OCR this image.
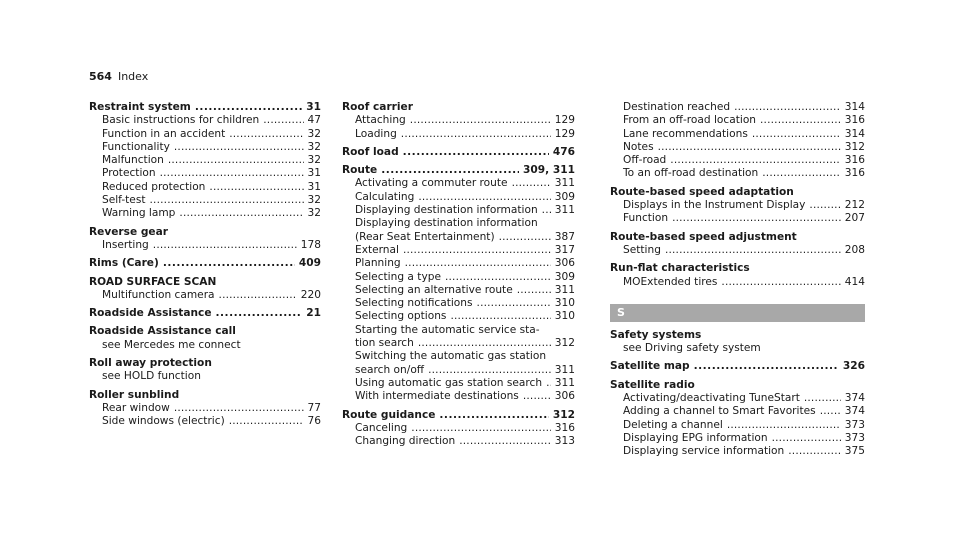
564 Index
Restraint system . . .	31
Basic instructions for children . . .	47
Function in an accident . . .	32
Functionality . . .	32
Malfunction . . .	32
Protection . . .	31
Reduced protection . . .	31
Self-test . . .	32
Warning lamp . . .	32
Reverse gear
Inserting . . .	178
Rims (Care) . . .	409
ROAD SURFACE SCAN
Multifunction camera . . .	220
Roadside Assistance . . .	21
Roadside Assistance call
see Mercedes me connect
Roll away protection
see HOLD function
Roller sunblind
Rear window . . .	77
Side windows (electric) . . .	76
Roof carrier
Attaching . . .	129
Loading . . .	129
Roof load . . .	476
Route . . .	309, 311
Activating a commuter route . . .	311
Calculating . . .	309
Displaying destination information . . . 311
Displaying destination information
(Rear Seat Entertainment) . . .	387
External . . .	317
Planning . . .	306
Selecting a type . . .	309
Selecting an alternative route . . .	311
Selecting notifications . . .	310
Selecting options . . .	310
Starting the automatic service sta-
tion search . . .	312
Switching the automatic gas station
search on/off . . .	311
Using automatic gas station search . . . 311
With intermediate destinations . . .	306
Route guidance . . .	312
Canceling . . .	316
Changing direction . . .	313
Destination reached . . .	314
From an off-road location . . .	316
Lane recommendations . . .	314
Notes . . .	312
Off-road . . .	316
To an off-road destination . . .	316
Route-based speed adaptation
Displays in the Instrument Display . . .	212
Function . . .	207
Route-based speed adjustment
Setting . . .	208
Run-flat characteristics
MOExtended tires . . .	414
S
Safety systems
see Driving safety system
Satellite map . . .	326
Satellite radio
Activating/deactivating TuneStart . . .	374
Adding a channel to Smart Favorites . . .	374
Deleting a channel . . .	373
Displaying EPG information . . .	373
Displaying service information . . .	375
